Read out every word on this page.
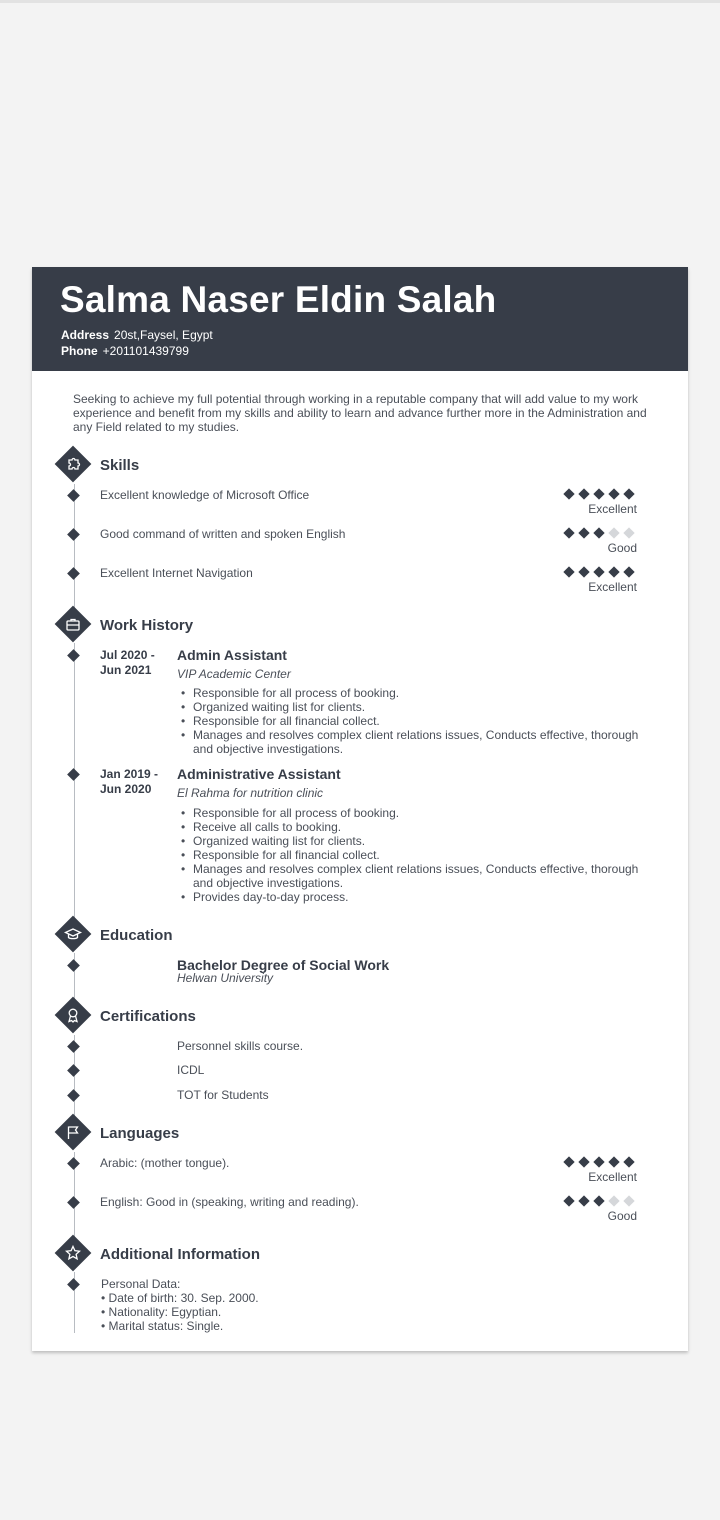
Salma Naser Eldin Salah
Address 20st,Faysel, Egypt
Phone +201101439799
Seeking to achieve my full potential through working in a reputable company that will add value to my work experience and benefit from my skills and ability to learn and advance further more in the Administration and any Field related to my studies.
Skills
Excellent knowledge of Microsoft Office
Excellent
Good command of written and spoken English
Good
Excellent Internet Navigation
Excellent
Work History
Jul 2020 -
Jun 2021
Admin Assistant
VIP Academic Center
• Responsible for all process of booking.
• Organized waiting list for clients.
• Responsible for all financial collect.
• Manages and resolves complex client relations issues, Conducts effective, thorough and objective investigations.
Jan 2019 -
Jun 2020
Administrative Assistant
El Rahma for nutrition clinic
• Responsible for all process of booking.
• Receive all calls to booking.
• Organized waiting list for clients.
• Responsible for all financial collect.
• Manages and resolves complex client relations issues, Conducts effective, thorough and objective investigations.
• Provides day-to-day process.
Education
Bachelor Degree of Social Work
Helwan University
Certifications
Personnel skills course.
ICDL
TOT for Students
Languages
Arabic: (mother tongue).
Excellent
English: Good in (speaking, writing and reading).
Good
Additional Information
Personal Data:
• Date of birth: 30. Sep. 2000.
• Nationality: Egyptian.
• Marital status: Single.
